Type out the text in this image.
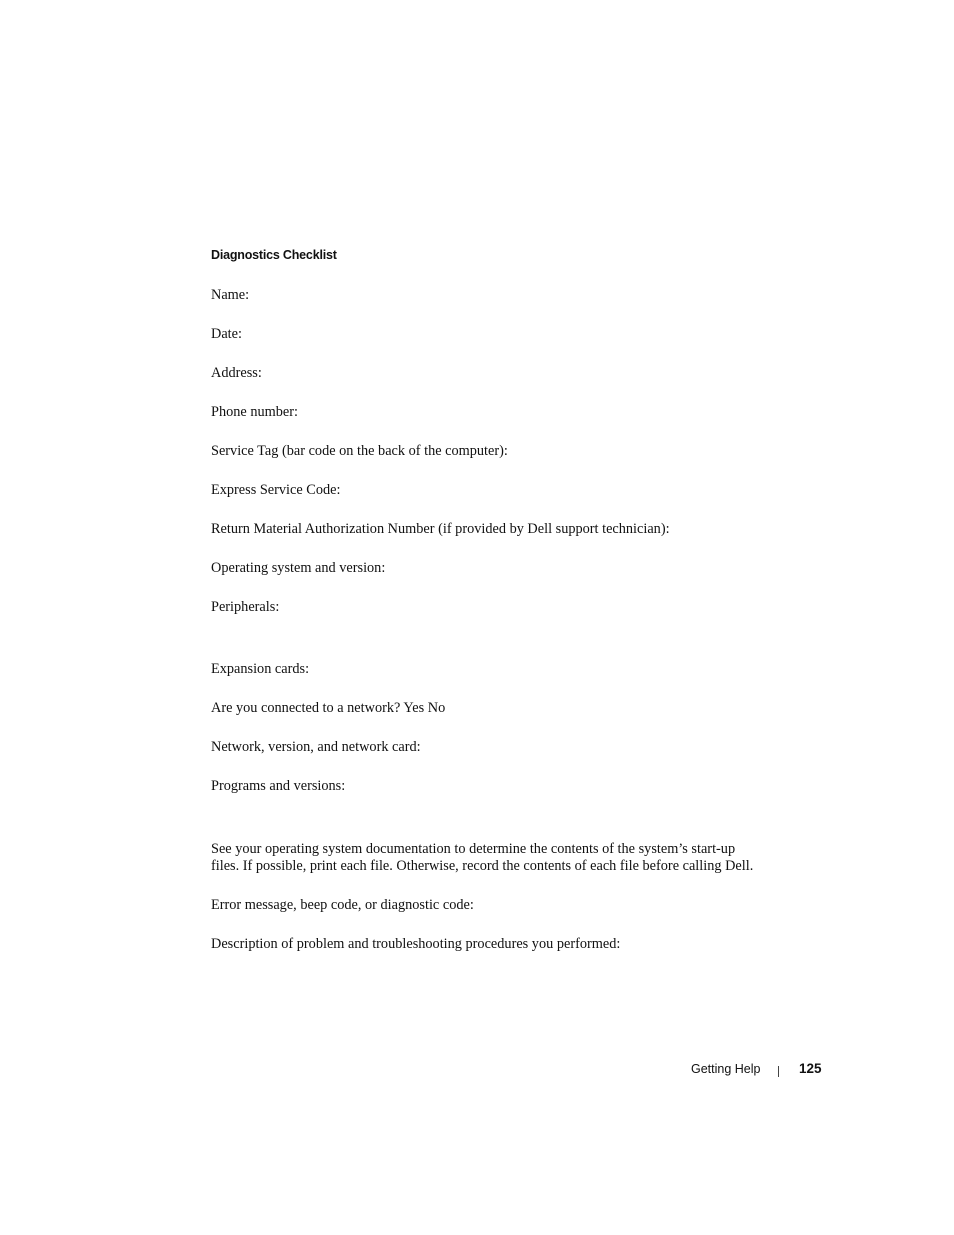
Diagnostics Checklist
Name:
Date:
Address:
Phone number:
Service Tag (bar code on the back of the computer):
Express Service Code:
Return Material Authorization Number (if provided by Dell support technician):
Operating system and version:
Peripherals:
Expansion cards:
Are you connected to a network? Yes No
Network, version, and network card:
Programs and versions:
See your operating system documentation to determine the contents of the system’s start-up
files. If possible, print each file. Otherwise, record the contents of each file before calling Dell.
Error message, beep code, or diagnostic code:
Description of problem and troubleshooting procedures you performed:
Getting Help	125
